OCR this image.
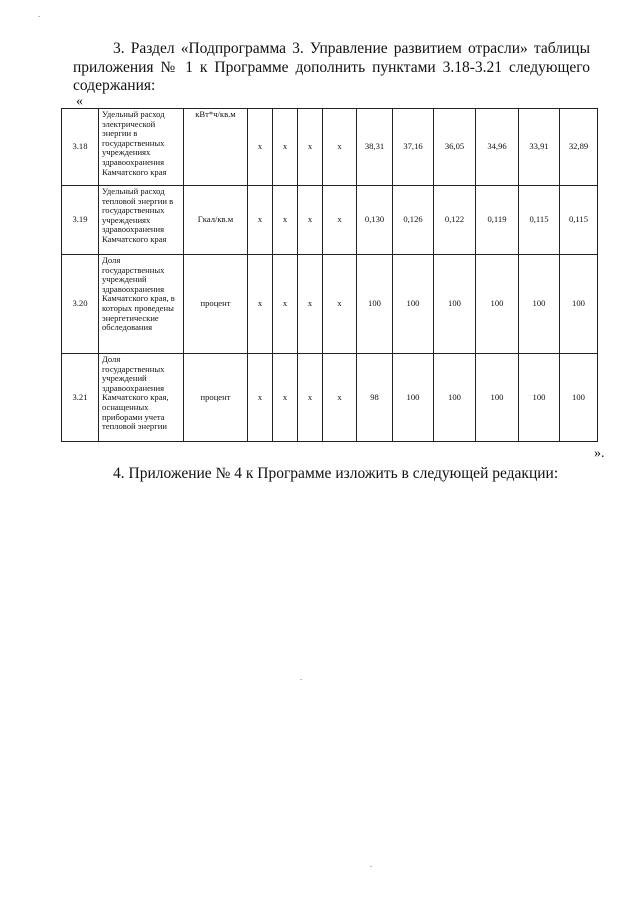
3. Раздел «Подпрограмма 3. Управление развитием отрасли» таблицы приложения № 1 к Программе дополнить пунктами 3.18-3.21 следующего содержания:
«
3.18	Удельный расход электрической энергии в государственных учреждениях здравоохранения Камчатского края	кВт*ч/кв.м	х	х	х	х	38,31	37,16	36,05	34,96	33,91	32,89
3.19	Удельный расход тепловой энергии в государственных учреждениях здравоохранения Камчатского края	Гкал/кв.м	х	х	х	х	0,130	0,126	0,122	0,119	0,115	0,115
3.20	Доля государственных учреждений здравоохранения Камчатского края, в которых проведены энергетические обследования	процент	х	х	х	х	100	100	100	100	100	100
3.21	Доля государственных учреждений здравоохранения Камчатского края, оснащенных приборами учета тепловой энергии	процент	х	х	х	х	98	100	100	100	100	100
».
4. Приложение № 4 к Программе изложить в следующей редакции:
